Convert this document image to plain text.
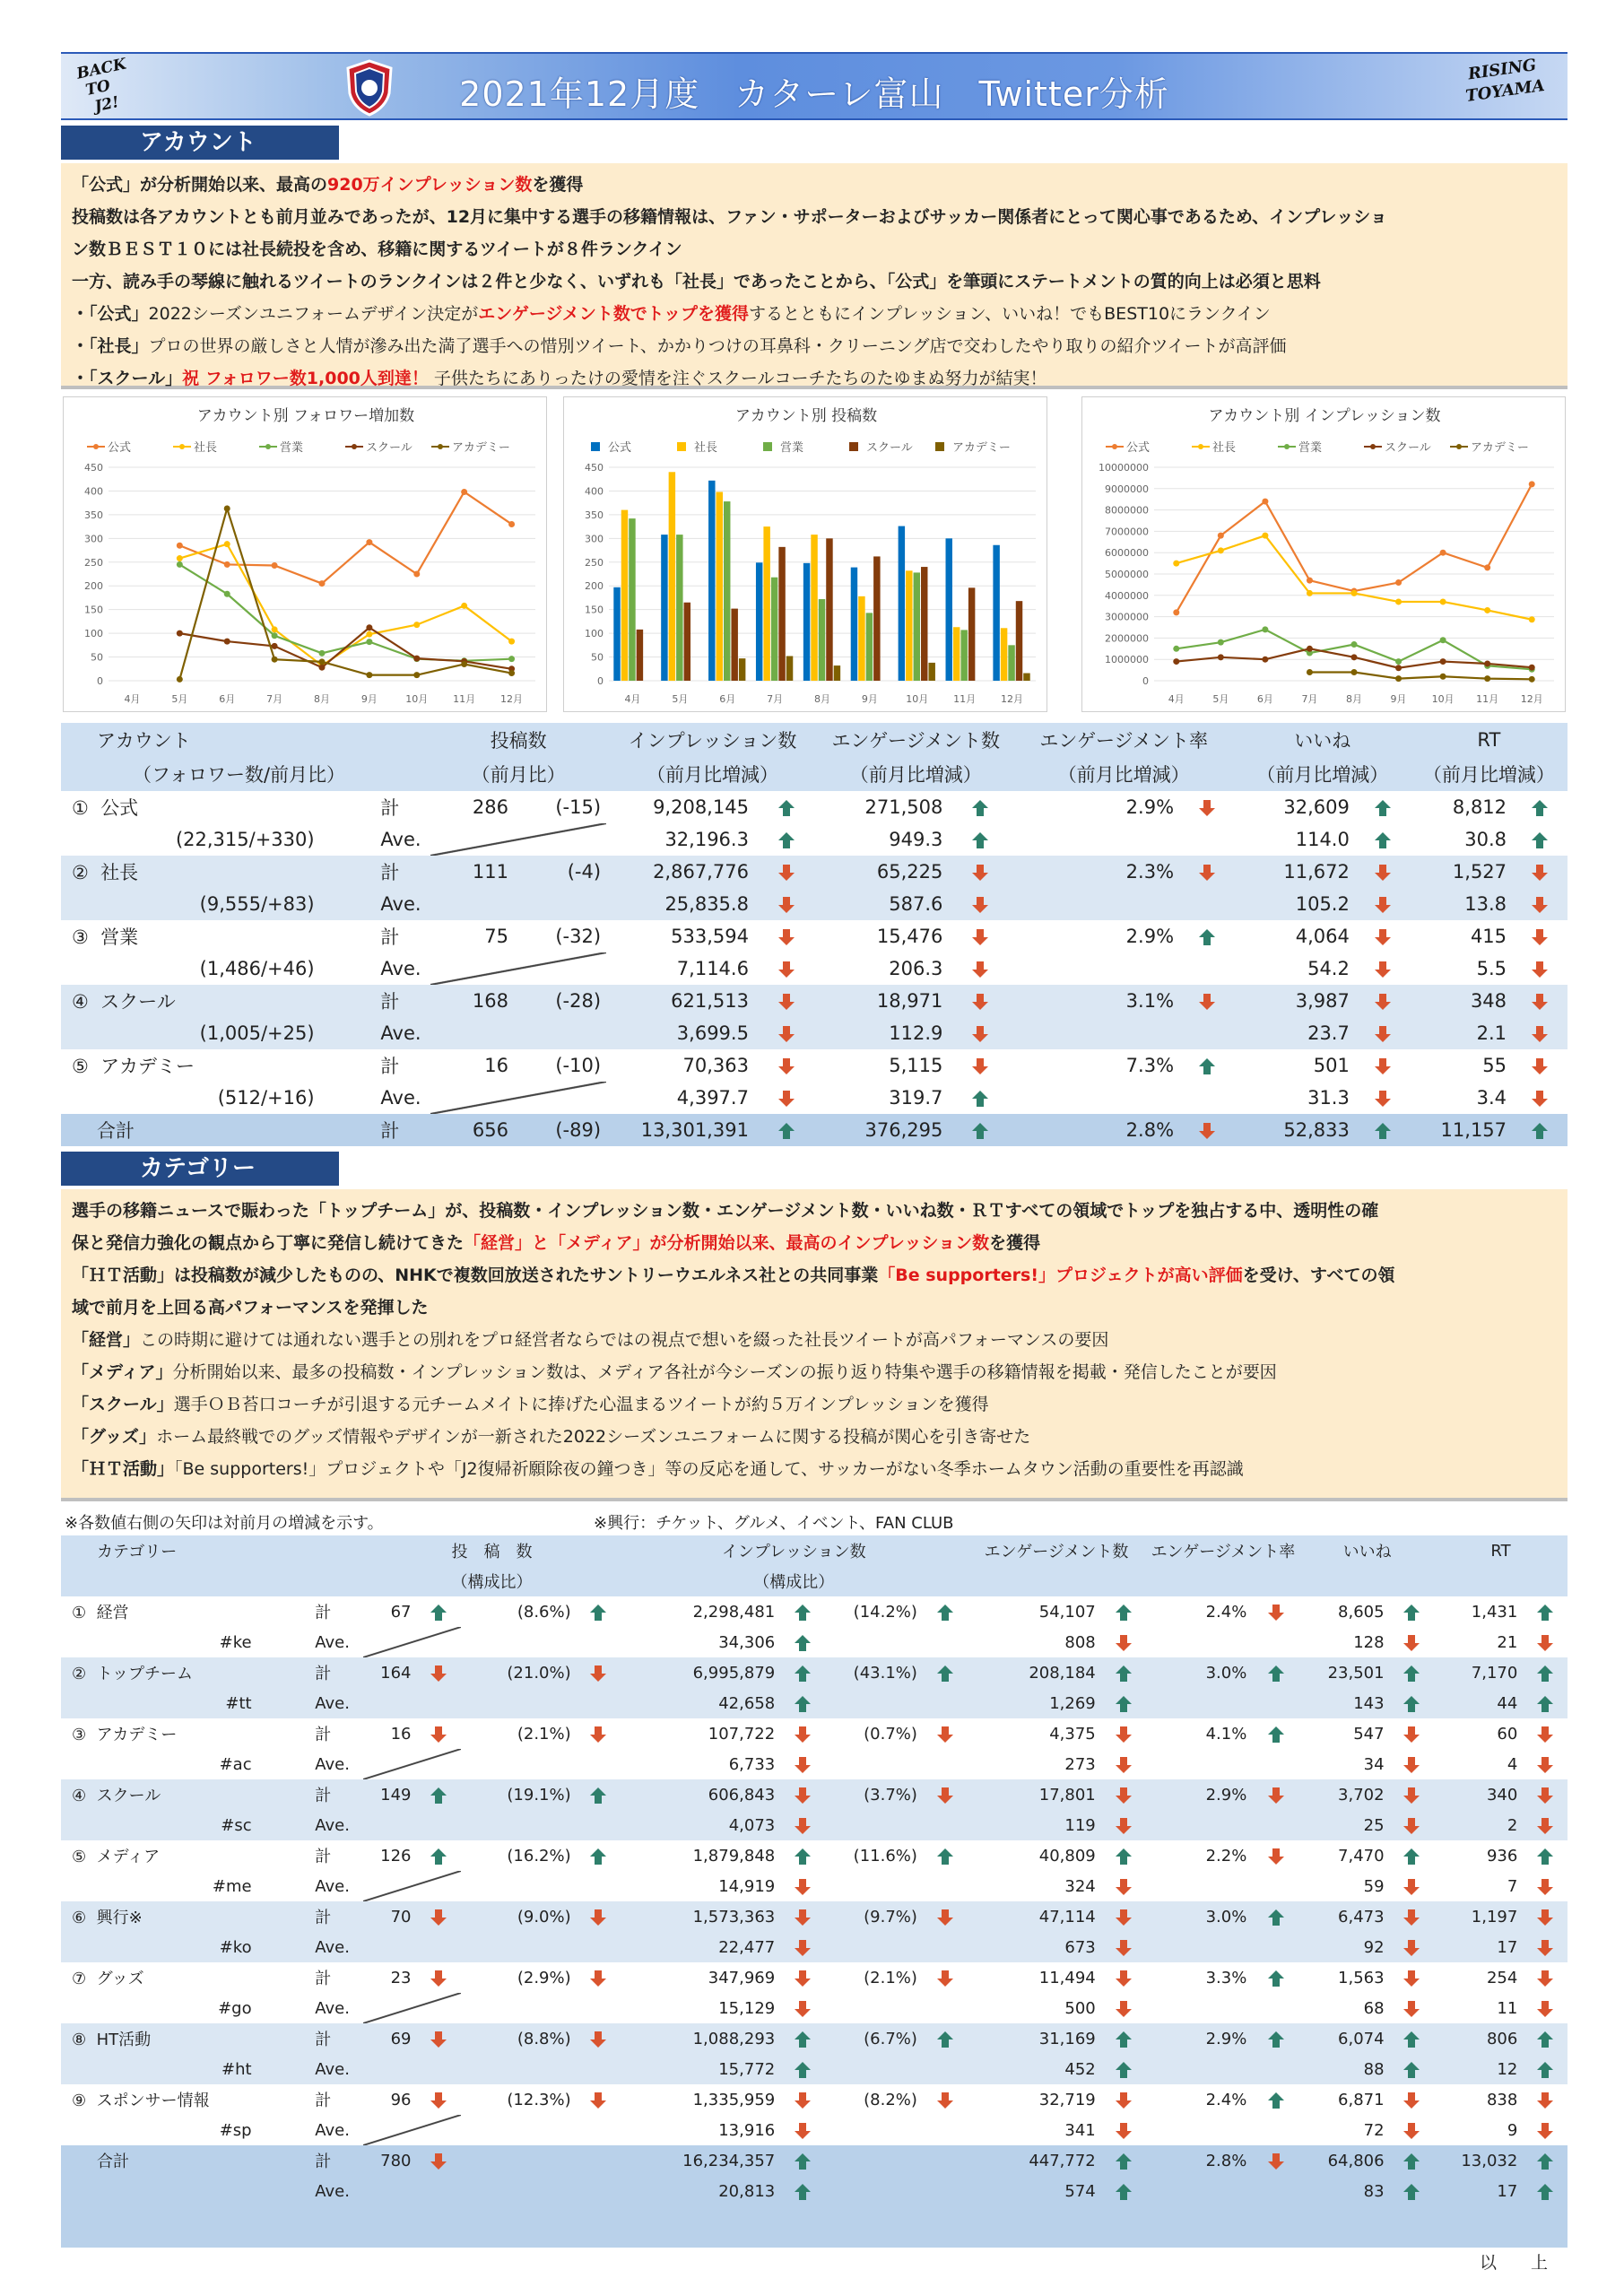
BACK
TO
J2!	2021年12月度　カターレ富山　Twitter分析
RISING
TOYAMA
アカウント
「公式」が分析開始以来、最高の920万インプレッション数を獲得
投稿数は各アカウントとも前月並みであったが、12月に集中する選手の移籍情報は、ファン・サポーターおよびサッカー関係者にとって関心事であるため、インプレッショ
ン数ＢＥＳＴ１０には社長続投を含め、移籍に関するツイートが８件ランクイン
一方、読み手の琴線に触れるツイートのランクインは２件と少なく、いずれも「社長」であったことから、「公式」を筆頭にステートメントの質的向上は必須と思料
・「公式」2022シーズンユニフォームデザイン決定がエンゲージメント数でトップを獲得するとともにインプレッション、いいね！でもBEST10にランクイン
・「社長」プロの世界の厳しさと人情が滲み出た満了選手への惜別ツイート、かかりつけの耳鼻科・クリーニング店で交わしたやり取りの紹介ツイートが高評価
・「スクール」祝 フォロワー数1,000人到達！ 子供たちにありったけの愛情を注ぐスクールコーチたちのたゆまぬ努力が結実！
アカウント別 フォロワー増加数
公式	社長	営業	スクール	アカデミー
0
50
100
150
200
250
300
350
400
450
4月	5月	6月	7月	8月	9月	10月	11月	12月
アカウント別 投稿数
公式	社長	営業	スクール	アカデミー
0
50
100
150
200
250
300
350
400
450
4月	5月	6月	7月	8月	9月	10月	11月	12月
アカウント別 インプレッション数
公式	社長	営業	スクール	アカデミー
0
1000000
2000000
3000000
4000000
5000000
6000000
7000000
8000000
9000000
10000000
4月	5月	6月	7月	8月	9月	10月 11月 12月
アカウント			投稿数		インプレッション数		エンゲージメント数		エンゲージメント率		いいね		RT	
（フォロワー数/前月比）			（前月比）		（前月比増減）		（前月比増減）		（前月比増減）		（前月比増減）		（前月比増減）	
①  公式		計	286	(-15)	9,208,145		271,508		2.9%		32,609		8,812	
(22,315/+330)		Ave.			32,196.3		949.3				114.0		30.8	
②  社長		計	111	(-4)	2,867,776		65,225		2.3%		11,672		1,527	
(9,555/+83)		Ave.			25,835.8		587.6				105.2		13.8	
③  営業		計	75	(-32)	533,594		15,476		2.9%		4,064		415	
(1,486/+46)		Ave.			7,114.6		206.3				54.2		5.5	
④  スクール		計	168	(-28)	621,513		18,971		3.1%		3,987		348	
(1,005/+25)		Ave.			3,699.5		112.9				23.7		2.1	
⑤  アカデミー		計	16	(-10)	70,363		5,115		7.3%		501		55	
(512/+16)		Ave.			4,397.7		319.7				31.3		3.4	
合計		計	656	(-89)	13,301,391		376,295		2.8%		52,833		11,157	
カテゴリー
選手の移籍ニュースで賑わった「トップチーム」が、投稿数・インプレッション数・エンゲージメント数・いいね数・ＲＴすべての領域でトップを独占する中、透明性の確
保と発信力強化の観点から丁寧に発信し続けてきた「経営」と「メディア」が分析開始以来、最高のインプレッション数を獲得
「ＨＴ活動」は投稿数が減少したものの、NHKで複数回放送されたサントリーウエルネス社との共同事業「Be supporters!」プロジェクトが高い評価を受け、すべての領
域で前月を上回る高パフォーマンスを発揮した
「経営」この時期に避けては通れない選手との別れをプロ経営者ならではの視点で想いを綴った社長ツイートが高パフォーマンスの要因
「メディア」分析開始以来、最多の投稿数・インプレッション数は、メディア各社が今シーズンの振り返り特集や選手の移籍情報を掲載・発信したことが要因
「スクール」選手ＯＢ苔口コーチが引退する元チームメイトに捧げた心温まるツイートが約５万インプレッションを獲得
「グッズ」ホーム最終戦でのグッズ情報やデザインが一新された2022シーズンユニフォームに関する投稿が関心を引き寄せた
「ＨＴ活動」「Be supporters!」プロジェクトや「J2復帰祈願除夜の鐘つき」等の反応を通して、サッカーがない冬季ホームタウン活動の重要性を再認識
※各数値右側の矢印は対前月の増減を示す。	※興行：チケット、グルメ、イベント、FAN CLUB
カテゴリー			投　稿　数				インプレッション数				エンゲージメント数		エンゲージメント率		いいね		RT	
			（構成比）				（構成比）											
①  経営		計	67		(8.6%)		2,298,481		(14.2%)		54,107		2.4%		8,605		1,431	
#ke		Ave.					34,306				808				128		21	
②  トップチーム		計	164		(21.0%)		6,995,879		(43.1%)		208,184		3.0%		23,501		7,170	
#tt		Ave.					42,658				1,269				143		44	
③  アカデミー		計	16		(2.1%)		107,722		(0.7%)		4,375		4.1%		547		60	
#ac		Ave.					6,733				273				34		4	
④  スクール		計	149		(19.1%)		606,843		(3.7%)		17,801		2.9%		3,702		340	
#sc		Ave.					4,073				119				25		2	
⑤  メディア		計	126		(16.2%)		1,879,848		(11.6%)		40,809		2.2%		7,470		936	
#me		Ave.					14,919				324				59		7	
⑥  興行※		計	70		(9.0%)		1,573,363		(9.7%)		47,114		3.0%		6,473		1,197	
#ko		Ave.					22,477				673				92		17	
⑦  グッズ		計	23		(2.9%)		347,969		(2.1%)		11,494		3.3%		1,563		254	
#go		Ave.					15,129				500				68		11	
⑧  HT活動		計	69		(8.8%)		1,088,293		(6.7%)		31,169		2.9%		6,074		806	
#ht		Ave.					15,772				452				88		12	
⑨  スポンサー情報		計	96		(12.3%)		1,335,959		(8.2%)		32,719		2.4%		6,871		838	
#sp		Ave.					13,916				341				72		9	
合計		計	780				16,234,357				447,772		2.8%		64,806		13,032	
		Ave.					20,813				574				83		17	

以　　上
